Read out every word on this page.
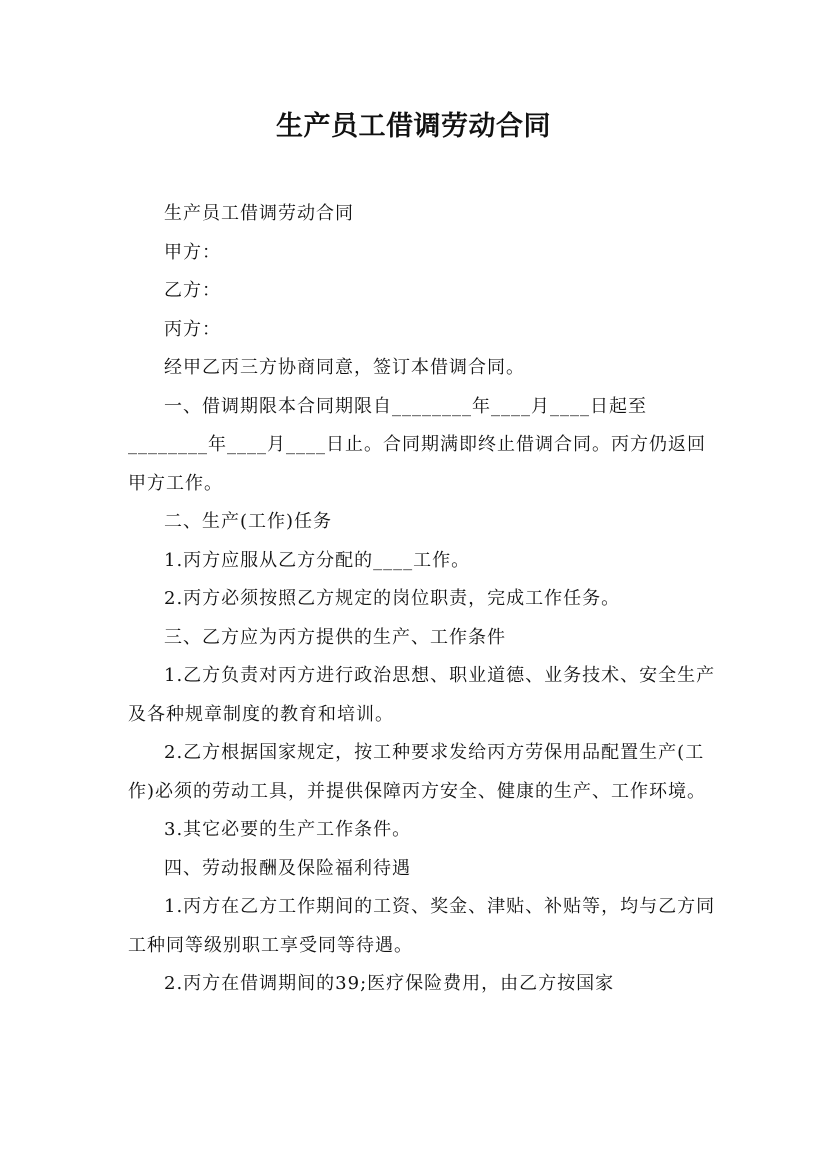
生产员工借调劳动合同

生产员工借调劳动合同

甲方：

乙方：

丙方：

经甲乙丙三方协商同意，签订本借调合同。

一、借调期限本合同期限自________年____月____日起至________年____月____日止。合同期满即终止借调合同。丙方仍返回甲方工作。

二、生产(工作)任务

1.丙方应服从乙方分配的____工作。

2.丙方必须按照乙方规定的岗位职责，完成工作任务。

三、乙方应为丙方提供的生产、工作条件

1.乙方负责对丙方进行政治思想、职业道德、业务技术、安全生产及各种规章制度的教育和培训。

2.乙方根据国家规定，按工种要求发给丙方劳保用品配置生产(工作)必须的劳动工具，并提供保障丙方安全、健康的生产、工作环境。

3.其它必要的生产工作条件。

四、劳动报酬及保险福利待遇

1.丙方在乙方工作期间的工资、奖金、津贴、补贴等，均与乙方同工种同等级别职工享受同等待遇。

2.丙方在借调期间的39;医疗保险费用，由乙方按国家
